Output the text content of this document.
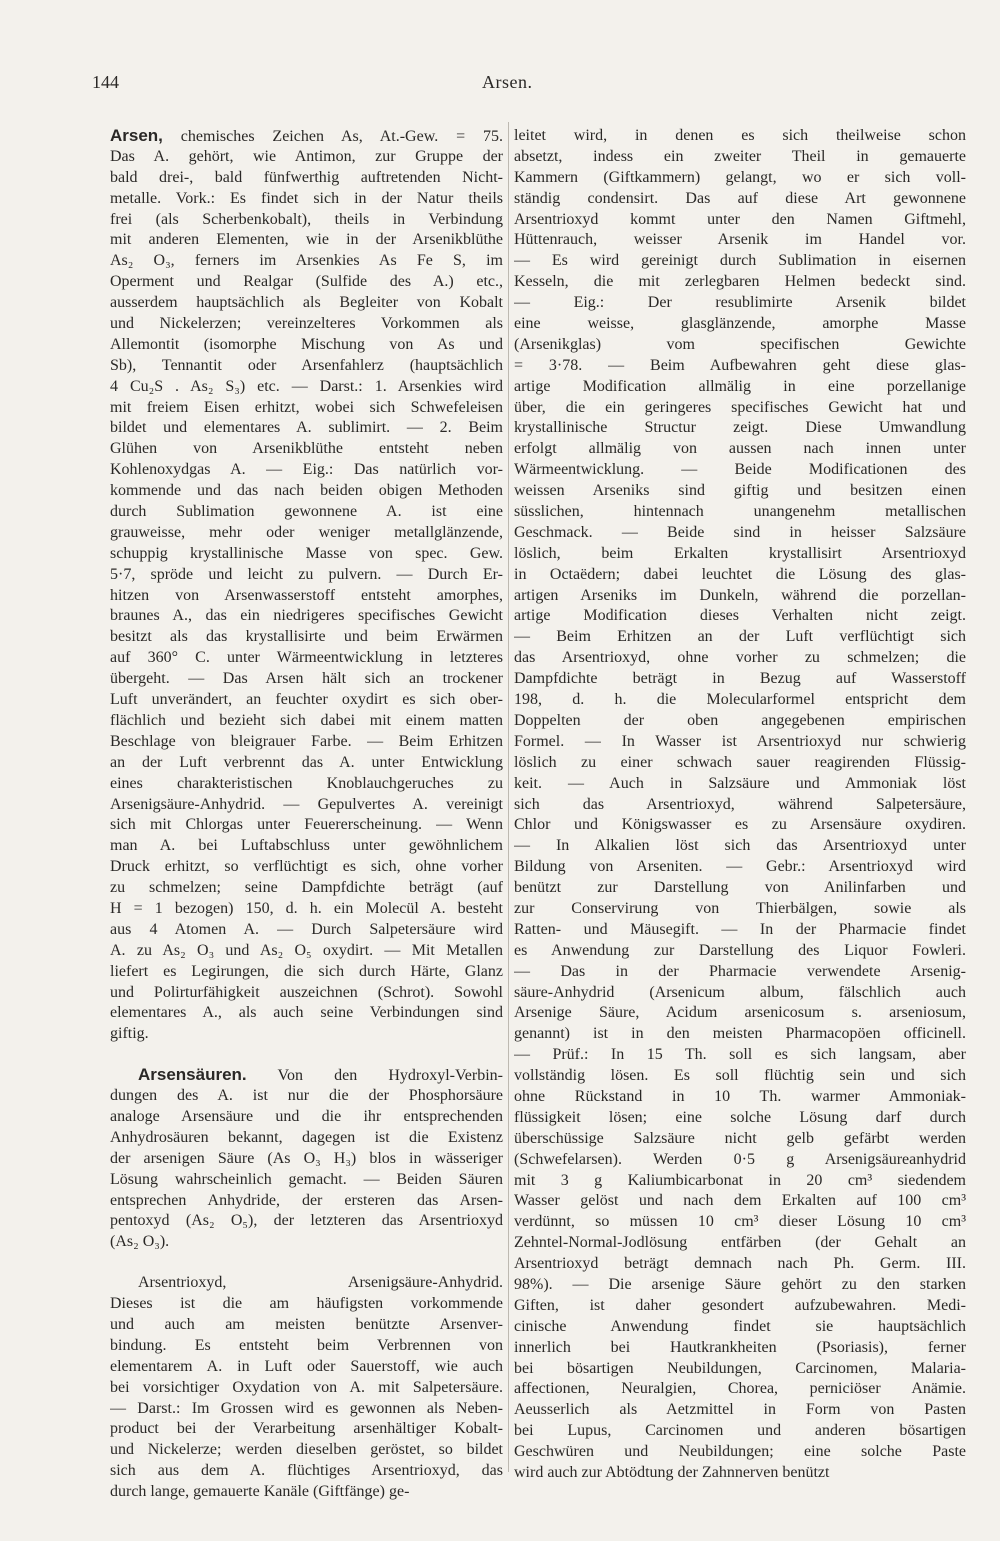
144	Arsen.

Arsen, chemisches Zeichen As, At.-Gew. = 75.

Das A. gehört, wie Antimon, zur Gruppe der

bald drei-, bald fünfwerthig auftretenden Nicht-

metalle. Vork.: Es findet sich in der Natur theils

frei (als Scherbenkobalt), theils in Verbindung

mit anderen Elementen, wie in der Arsenikblüthe

As₂ O₃, ferners im Arsenkies As Fe S, im

Operment und Realgar (Sulfide des A.) etc.,

ausserdem hauptsächlich als Begleiter von Kobalt

und Nickelerzen; vereinzelteres Vorkommen als

Allemontit (isomorphe Mischung von As und

Sb), Tennantit oder Arsenfahlerz (hauptsächlich

4 Cu₂S . As₂ S₃) etc. — Darst.: 1. Arsenkies wird

mit freiem Eisen erhitzt, wobei sich Schwefeleisen

bildet und elementares A. sublimirt. — 2. Beim

Glühen von Arsenikblüthe entsteht neben

Kohlenoxydgas A. — Eig.: Das natürlich vor-

kommende und das nach beiden obigen Methoden

durch Sublimation gewonnene A. ist eine

grauweisse, mehr oder weniger metallglänzende,

schuppig krystallinische Masse von spec. Gew.

5·7, spröde und leicht zu pulvern. — Durch Er-

hitzen von Arsenwasserstoff entsteht amorphes,

braunes A., das ein niedrigeres specifisches Gewicht

besitzt als das krystallisirte und beim Erwärmen

auf 360° C. unter Wärmeentwicklung in letzteres

übergeht. — Das Arsen hält sich an trockener

Luft unverändert, an feuchter oxydirt es sich ober-

flächlich und bezieht sich dabei mit einem matten

Beschlage von bleigrauer Farbe. — Beim Erhitzen

an der Luft verbrennt das A. unter Entwicklung

eines charakteristischen Knoblauchgeruches zu

Arsenigsäure-Anhydrid. — Gepulvertes A. vereinigt

sich mit Chlorgas unter Feuererscheinung. — Wenn

man A. bei Luftabschluss unter gewöhnlichem

Druck erhitzt, so verflüchtigt es sich, ohne vorher

zu schmelzen; seine Dampfdichte beträgt (auf

H = 1 bezogen) 150, d. h. ein Molecül A. besteht

aus 4 Atomen A. — Durch Salpetersäure wird

A. zu As₂ O₃ und As₂ O₅ oxydirt. — Mit Metallen

liefert es Legirungen, die sich durch Härte, Glanz

und Polirturfähigkeit auszeichnen (Schrot). Sowohl

elementares A., als auch seine Verbindungen sind

giftig.

Arsensäuren. Von den Hydroxyl-Verbin-

dungen des A. ist nur die der Phosphorsäure

analoge Arsensäure und die ihr entsprechenden

Anhydrosäuren bekannt, dagegen ist die Existenz

der arsenigen Säure (As O₃ H₃) blos in wässeriger

Lösung wahrscheinlich gemacht. — Beiden Säuren

entsprechen Anhydride, der ersteren das Arsen-

pentoxyd (As₂ O₅), der letzteren das Arsentrioxyd

(As₂ O₃).

Arsentrioxyd, Arsenigsäure-Anhydrid.

Dieses ist die am häufigsten vorkommende

und auch am meisten benützte Arsenver-

bindung. Es entsteht beim Verbrennen von

elementarem A. in Luft oder Sauerstoff, wie auch

bei vorsichtiger Oxydation von A. mit Salpetersäure.

— Darst.: Im Grossen wird es gewonnen als Neben-

product bei der Verarbeitung arsenhältiger Kobalt-

und Nickelerze; werden dieselben geröstet, so bildet

sich aus dem A. flüchtiges Arsentrioxyd, das

durch lange, gemauerte Kanäle (Giftfänge) ge-

leitet wird, in denen es sich theilweise schon

absetzt, indess ein zweiter Theil in gemauerte

Kammern (Giftkammern) gelangt, wo er sich voll-

ständig condensirt. Das auf diese Art gewonnene

Arsentrioxyd kommt unter den Namen Giftmehl,

Hüttenrauch, weisser Arsenik im Handel vor.

— Es wird gereinigt durch Sublimation in eisernen

Kesseln, die mit zerlegbaren Helmen bedeckt sind.

— Eig.: Der resublimirte Arsenik bildet

eine weisse, glasglänzende, amorphe Masse

(Arsenikglas) vom specifischen Gewichte

= 3·78. — Beim Aufbewahren geht diese glas-

artige Modification allmälig in eine porzellanige

über, die ein geringeres specifisches Gewicht hat und

krystallinische Structur zeigt. Diese Umwandlung

erfolgt allmälig von aussen nach innen unter

Wärmeentwicklung. — Beide Modificationen des

weissen Arseniks sind giftig und besitzen einen

süsslichen, hintennach unangenehm metallischen

Geschmack. — Beide sind in heisser Salzsäure

löslich, beim Erkalten krystallisirt Arsentrioxyd

in Octaëdern; dabei leuchtet die Lösung des glas-

artigen Arseniks im Dunkeln, während die porzellan-

artige Modification dieses Verhalten nicht zeigt.

— Beim Erhitzen an der Luft verflüchtigt sich

das Arsentrioxyd, ohne vorher zu schmelzen; die

Dampfdichte beträgt in Bezug auf Wasserstoff

198, d. h. die Molecularformel entspricht dem

Doppelten der oben angegebenen empirischen

Formel. — In Wasser ist Arsentrioxyd nur schwierig

löslich zu einer schwach sauer reagirenden Flüssig-

keit. — Auch in Salzsäure und Ammoniak löst

sich das Arsentrioxyd, während Salpetersäure,

Chlor und Königswasser es zu Arsensäure oxydiren.

— In Alkalien löst sich das Arsentrioxyd unter

Bildung von Arseniten. — Gebr.: Arsentrioxyd wird

benützt zur Darstellung von Anilinfarben und

zur Conservirung von Thierbälgen, sowie als

Ratten- und Mäusegift. — In der Pharmacie findet

es Anwendung zur Darstellung des Liquor Fowleri.

— Das in der Pharmacie verwendete Arsenig-

säure-Anhydrid (Arsenicum album, fälschlich auch

Arsenige Säure, Acidum arsenicosum s. arseniosum,

genannt) ist in den meisten Pharmacopöen officinell.

— Prüf.: In 15 Th. soll es sich langsam, aber

vollständig lösen. Es soll flüchtig sein und sich

ohne Rückstand in 10 Th. warmer Ammoniak-

flüssigkeit lösen; eine solche Lösung darf durch

überschüssige Salzsäure nicht gelb gefärbt werden

(Schwefelarsen). Werden 0·5 g Arsenigsäureanhydrid

mit 3 g Kaliumbicarbonat in 20 cm³ siedendem

Wasser gelöst und nach dem Erkalten auf 100 cm³

verdünnt, so müssen 10 cm³ dieser Lösung 10 cm³

Zehntel-Normal-Jodlösung entfärben (der Gehalt an

Arsentrioxyd beträgt demnach nach Ph. Germ. III.

98%). — Die arsenige Säure gehört zu den starken

Giften, ist daher gesondert aufzubewahren. Medi-

cinische Anwendung findet sie hauptsächlich

innerlich bei Hautkrankheiten (Psoriasis), ferner

bei bösartigen Neubildungen, Carcinomen, Malaria-

affectionen, Neuralgien, Chorea, perniciöser Anämie.

Aeusserlich als Aetzmittel in Form von Pasten

bei Lupus, Carcinomen und anderen bösartigen

Geschwüren und Neubildungen; eine solche Paste

wird auch zur Abtödtung der Zahnnerven benützt
